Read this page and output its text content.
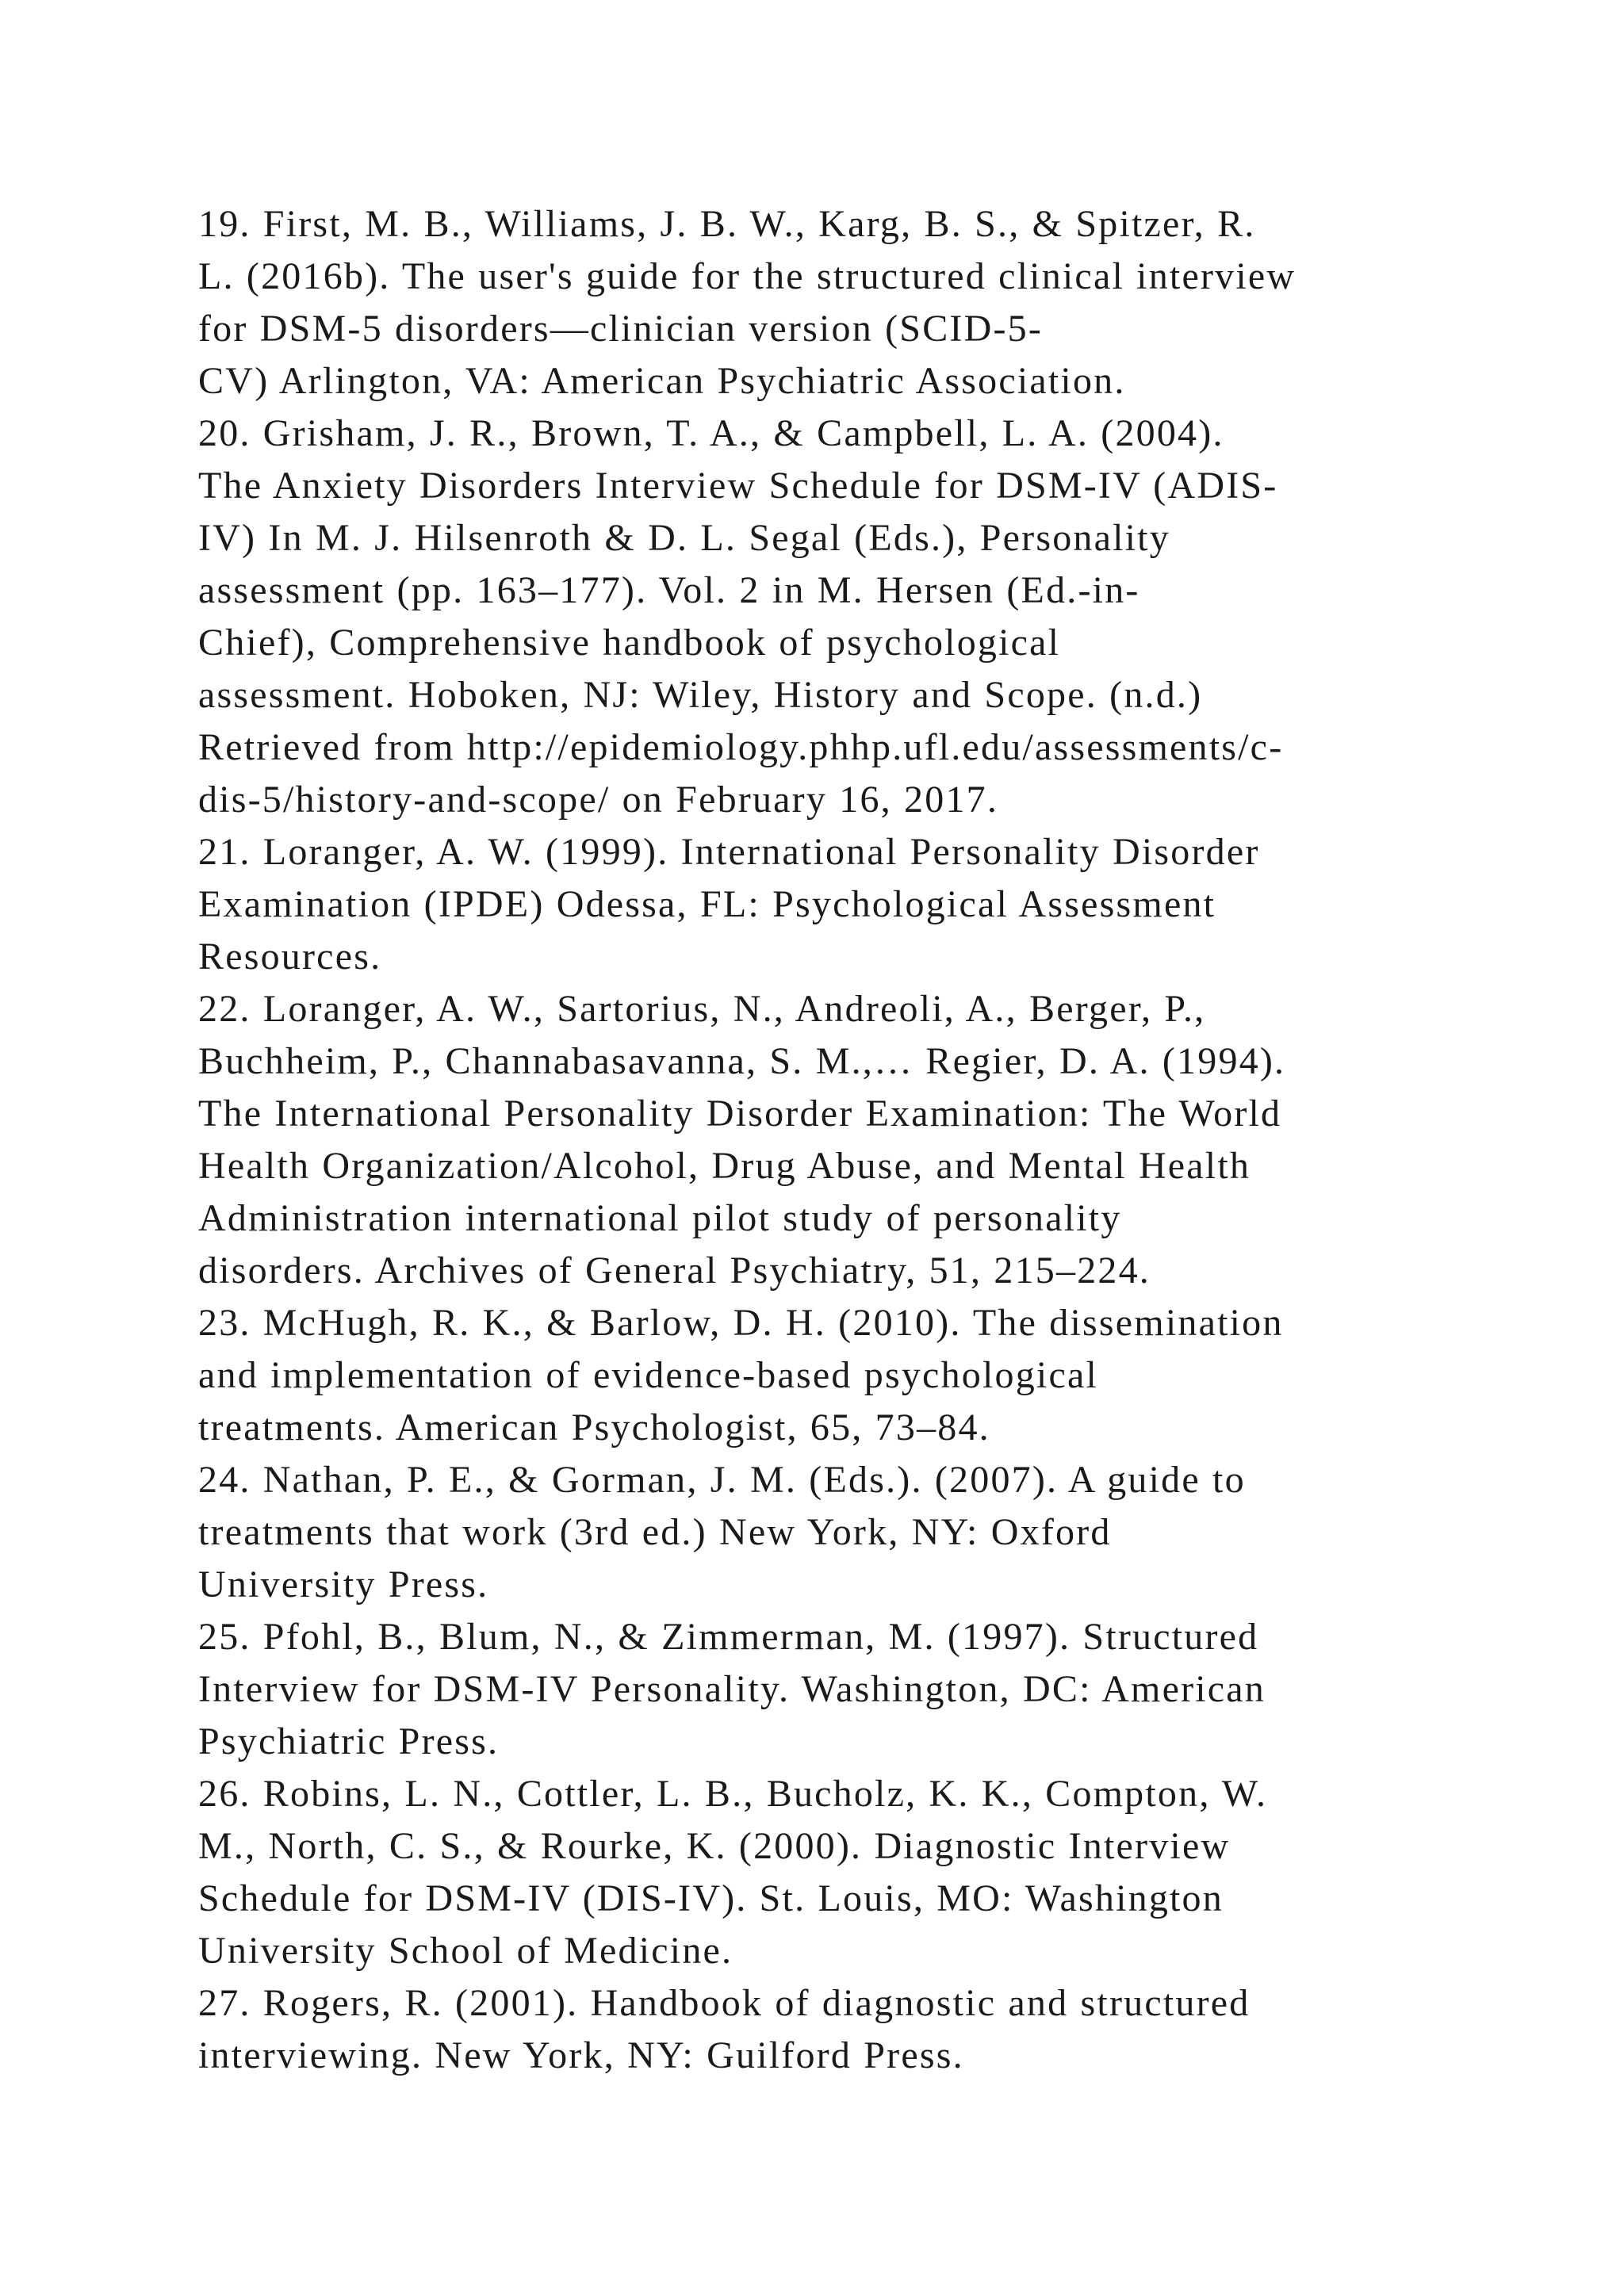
19. First, M. B., Williams, J. B. W., Karg, B. S., & Spitzer, R.
L. (2016b). The user's guide for the structured clinical interview
for DSM-5 disorders—clinician version (SCID-5-
CV) Arlington, VA: American Psychiatric Association.
20. Grisham, J. R., Brown, T. A., & Campbell, L. A. (2004).
The Anxiety Disorders Interview Schedule for DSM-IV (ADIS-
IV) In M. J. Hilsenroth & D. L. Segal (Eds.), Personality
assessment (pp. 163–177). Vol. 2 in M. Hersen (Ed.-in-
Chief), Comprehensive handbook of psychological
assessment. Hoboken, NJ: Wiley, History and Scope. (n.d.)
Retrieved from http://epidemiology.phhp.ufl.edu/assessments/c-
dis-5/history-and-scope/ on February 16, 2017.
21. Loranger, A. W. (1999). International Personality Disorder
Examination (IPDE) Odessa, FL: Psychological Assessment
Resources.
22. Loranger, A. W., Sartorius, N., Andreoli, A., Berger, P.,
Buchheim, P., Channabasavanna, S. M.,… Regier, D. A. (1994).
The International Personality Disorder Examination: The World
Health Organization/Alcohol, Drug Abuse, and Mental Health
Administration international pilot study of personality
disorders. Archives of General Psychiatry, 51, 215–224.
23. McHugh, R. K., & Barlow, D. H. (2010). The dissemination
and implementation of evidence-based psychological
treatments. American Psychologist, 65, 73–84.
24. Nathan, P. E., & Gorman, J. M. (Eds.). (2007). A guide to
treatments that work (3rd ed.) New York, NY: Oxford
University Press.
25. Pfohl, B., Blum, N., & Zimmerman, M. (1997). Structured
Interview for DSM-IV Personality. Washington, DC: American
Psychiatric Press.
26. Robins, L. N., Cottler, L. B., Bucholz, K. K., Compton, W.
M., North, C. S., & Rourke, K. (2000). Diagnostic Interview
Schedule for DSM-IV (DIS-IV). St. Louis, MO: Washington
University School of Medicine.
27. Rogers, R. (2001). Handbook of diagnostic and structured
interviewing. New York, NY: Guilford Press.
